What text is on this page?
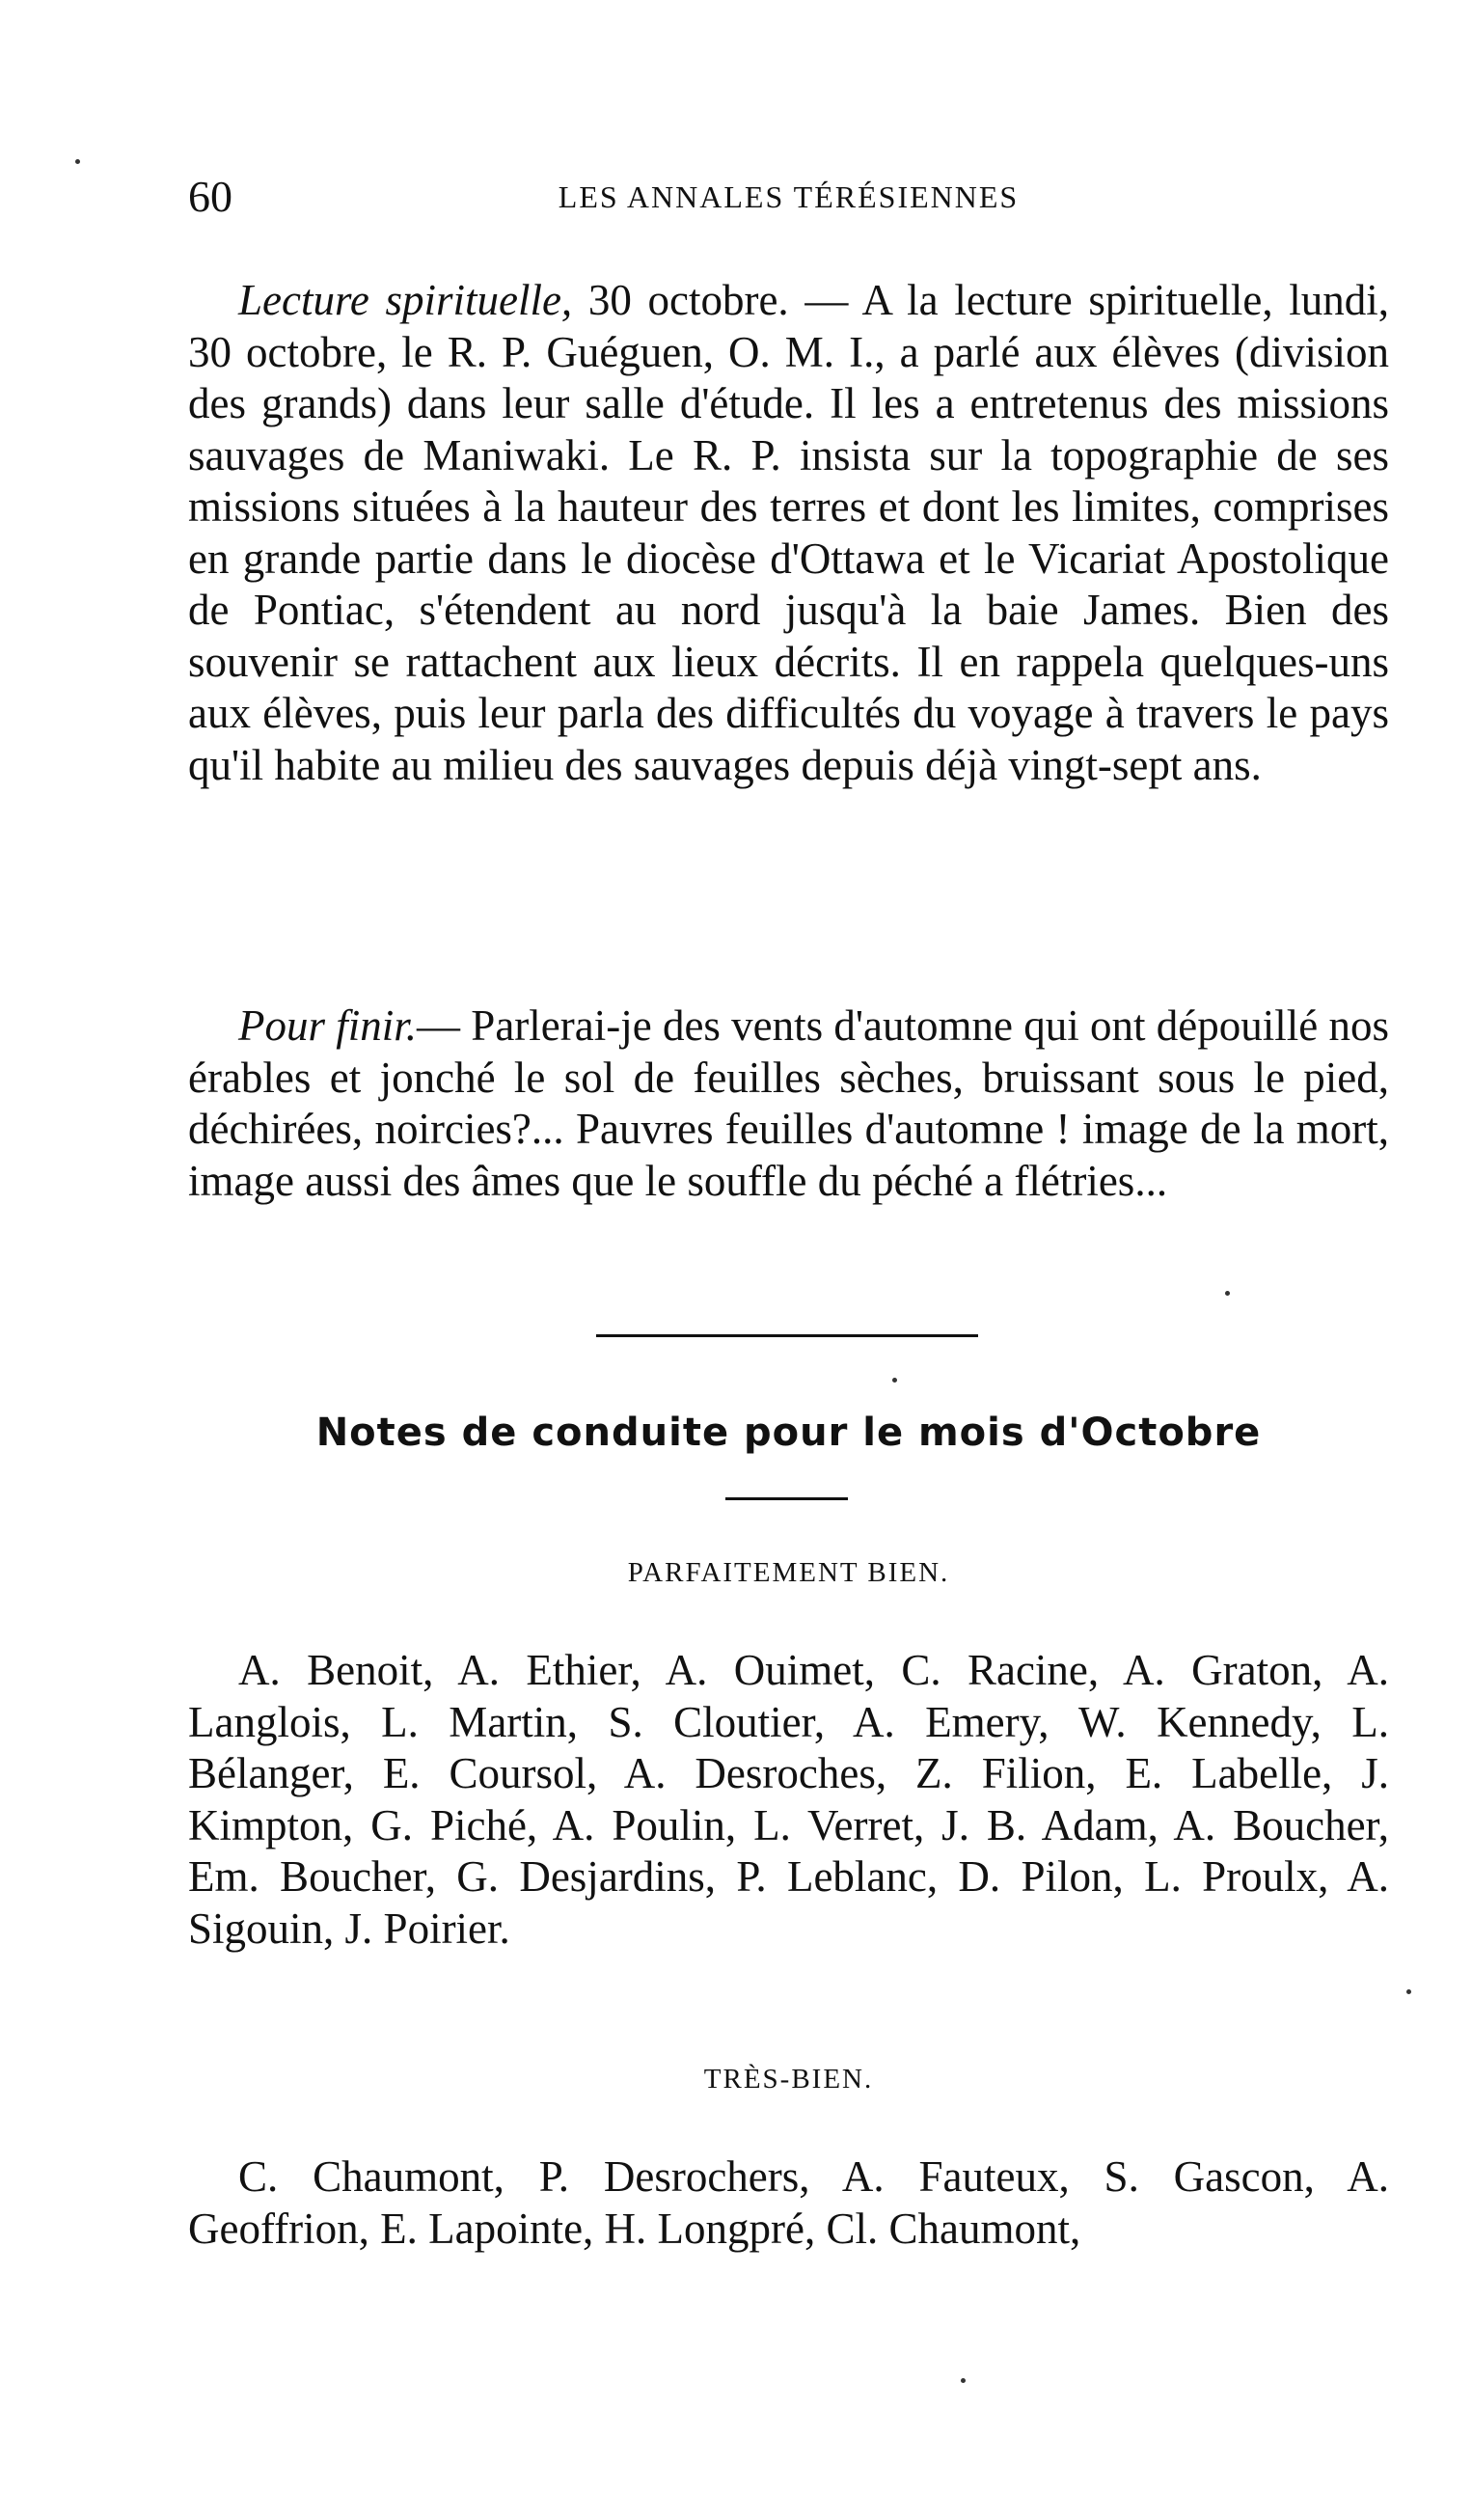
60	LES ANNALES TÉRÉSIENNES
Lecture spirituelle, 30 octobre. — A la lecture spirituelle, lundi, 30 octobre, le R. P. Guéguen, O. M. I., a parlé aux élèves (division des grands) dans leur salle d'étude. Il les a entretenus des missions sauvages de Maniwaki. Le R. P. insista sur la topographie de ses missions situées à la hauteur des terres et dont les limites, comprises en grande partie dans le diocèse d'Ottawa et le Vicariat Apostolique de Pontiac, s'étendent au nord jusqu'à la baie James. Bien des souvenir se rattachent aux lieux décrits. Il en rappela quelques-uns aux élèves, puis leur parla des difficultés du voyage à travers le pays qu'il habite au milieu des sauvages depuis déjà vingt-sept ans.
Pour finir.— Parlerai-je des vents d'automne qui ont dépouillé nos érables et jonché le sol de feuilles sèches, bruissant sous le pied, déchirées, noircies?... Pauvres feuilles d'automne ! image de la mort, image aussi des âmes que le souffle du péché a flétries...
Notes de conduite pour le mois d'Octobre
PARFAITEMENT BIEN.
A. Benoit, A. Ethier, A. Ouimet, C. Racine, A. Graton, A. Langlois, L. Martin, S. Cloutier, A. Emery, W. Kennedy, L. Bélanger, E. Coursol, A. Desroches, Z. Filion, E. Labelle, J. Kimpton, G. Piché, A. Poulin, L. Verret, J. B. Adam, A. Boucher, Em. Boucher, G. Desjardins, P. Leblanc, D. Pilon, L. Proulx, A. Sigouin, J. Poirier.
TRÈS-BIEN.
C. Chaumont, P. Desrochers, A. Fauteux, S. Gascon, A. Geoffrion, E. Lapointe, H. Longpré, Cl. Chaumont,
